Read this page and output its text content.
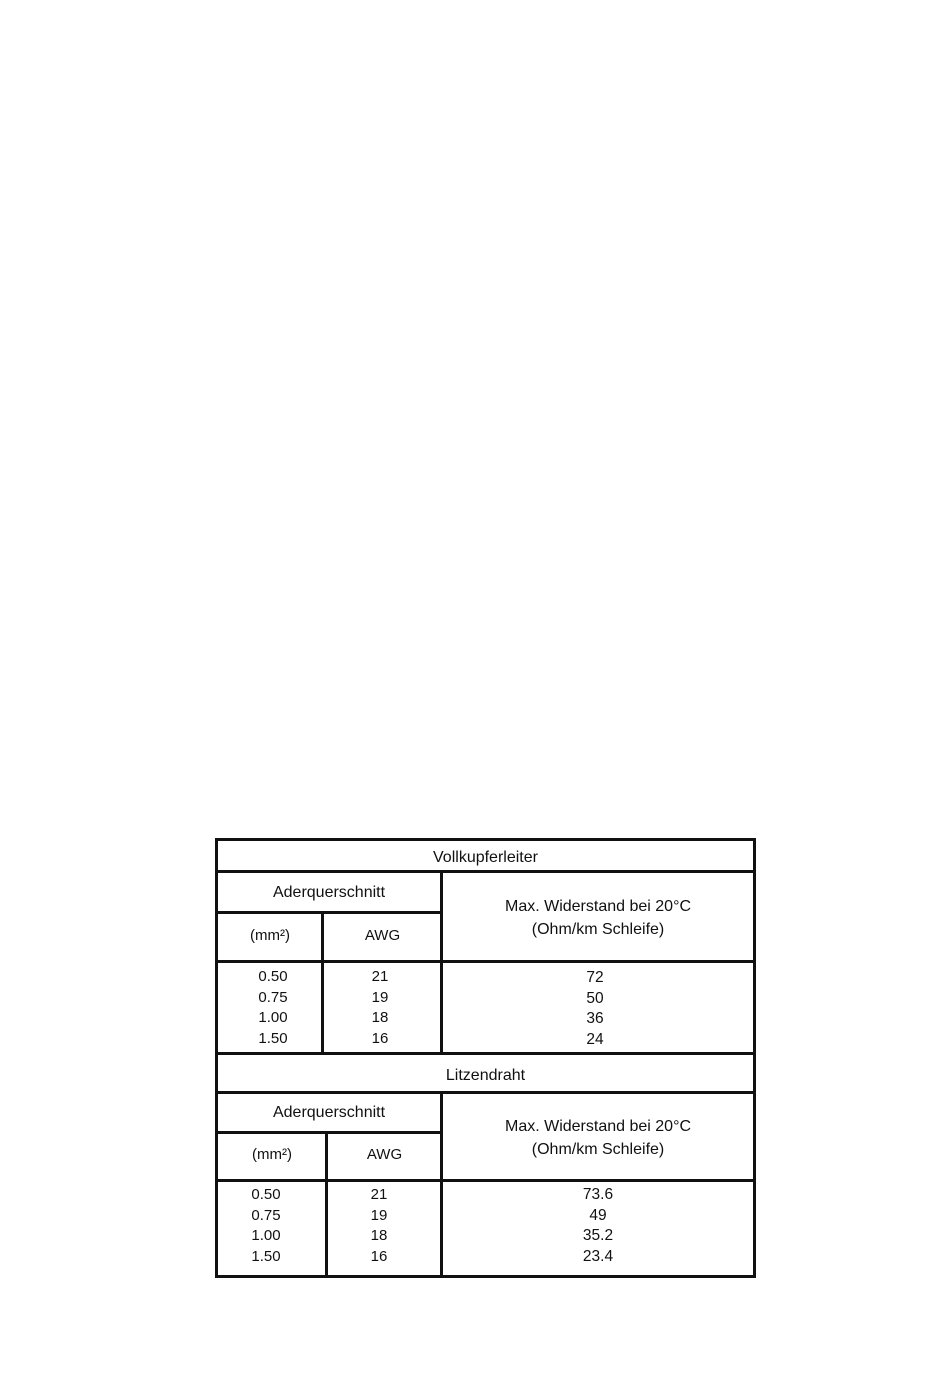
Vollkupferleiter
Aderquerschnitt
Max. Widerstand bei 20°C
(Ohm/km Schleife)
(mm²)	AWG
0.50
0.75
1.00
1.50
21
19
18
16
72
50
36
24
Litzendraht
Aderquerschnitt
Max. Widerstand bei 20°C
(Ohm/km Schleife)
(mm²)	AWG
0.50
0.75
1.00
1.50
21
19
18
16
73.6
49
35.2
23.4
